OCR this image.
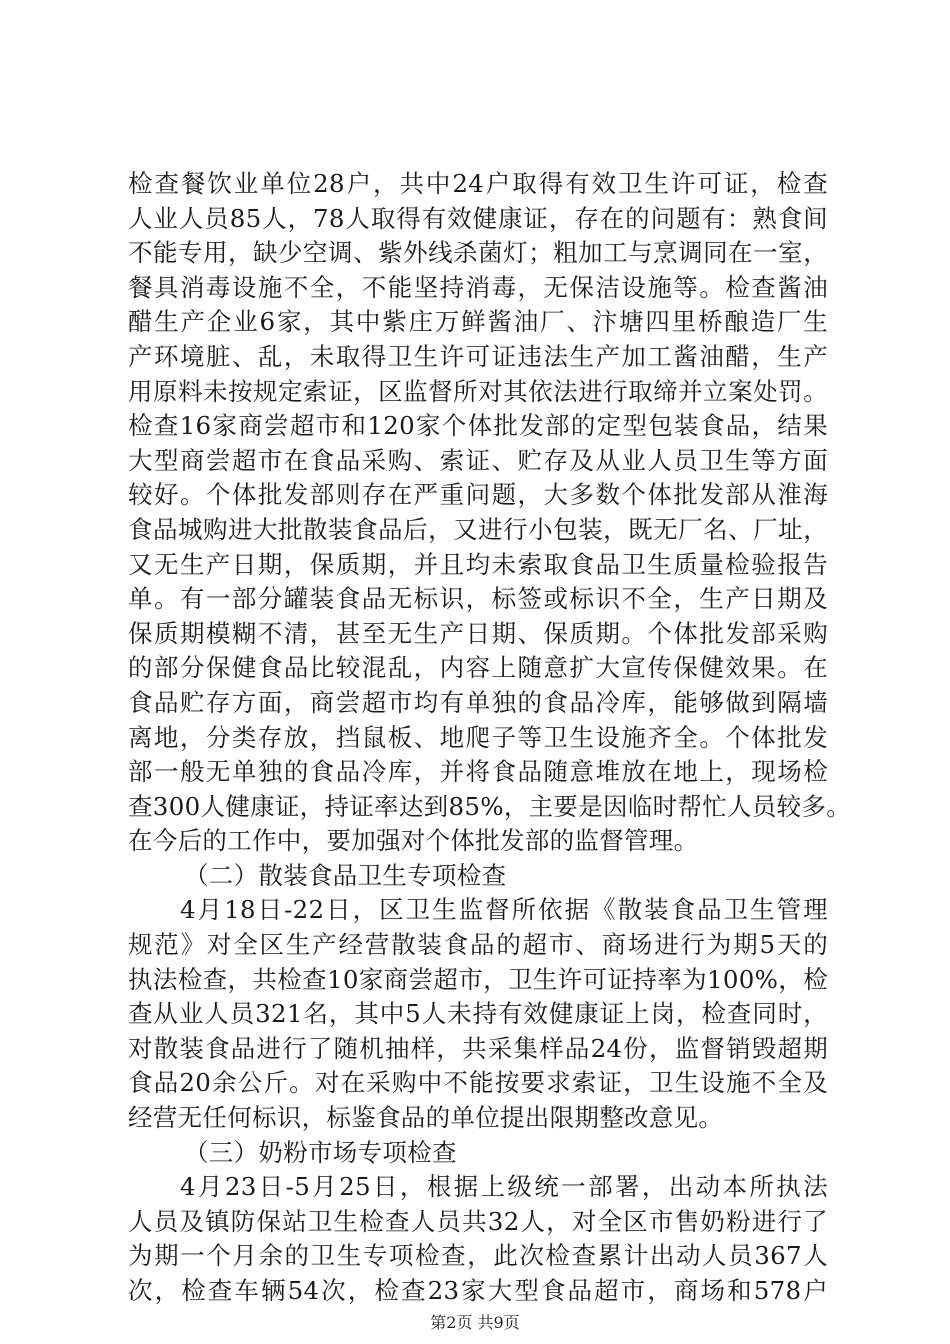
检查餐饮业单位28户，共中24户取得有效卫生许可证，检查
人业人员85人，78人取得有效健康证，存在的问题有：熟食间
不能专用，缺少空调、紫外线杀菌灯；粗加工与烹调同在一室，
餐具消毒设施不全，不能坚持消毒，无保洁设施等。检查酱油
醋生产企业6家，其中紫庄万鲜酱油厂、汴塘四里桥酿造厂生
产环境脏、乱，未取得卫生许可证违法生产加工酱油醋，生产
用原料未按规定索证，区监督所对其依法进行取缔并立案处罚。
检查16家商尝超市和120家个体批发部的定型包装食品，结果
大型商尝超市在食品采购、索证、贮存及从业人员卫生等方面
较好。个体批发部则存在严重问题，大多数个体批发部从淮海
食品城购进大批散装食品后，又进行小包装，既无厂名、厂址，
又无生产日期，保质期，并且均未索取食品卫生质量检验报告
单。有一部分罐装食品无标识，标签或标识不全，生产日期及
保质期模糊不清，甚至无生产日期、保质期。个体批发部采购
的部分保健食品比较混乱，内容上随意扩大宣传保健效果。在
食品贮存方面，商尝超市均有单独的食品冷库，能够做到隔墙
离地，分类存放，挡鼠板、地爬子等卫生设施齐全。个体批发
部一般无单独的食品冷库，并将食品随意堆放在地上，现场检
查300人健康证，持证率达到85%，主要是因临时帮忙人员较多。
在今后的工作中，要加强对个体批发部的监督管理。
（二）散装食品卫生专项检查
4月18日-22日，区卫生监督所依据《散装食品卫生管理
规范》对全区生产经营散装食品的超市、商场进行为期5天的
执法检查，共检查10家商尝超市，卫生许可证持率为100%，检
查从业人员321名，其中5人未持有效健康证上岗，检查同时，
对散装食品进行了随机抽样，共采集样品24份，监督销毁超期
食品20余公斤。对在采购中不能按要求索证，卫生设施不全及
经营无任何标识，标鉴食品的单位提出限期整改意见。
（三）奶粉市场专项检查
4月23日-5月25日，根据上级统一部署，出动本所执法
人员及镇防保站卫生检查人员共32人，对全区市售奶粉进行了
为期一个月余的卫生专项检查，此次检查累计出动人员367人
次，检查车辆54次，检查23家大型食品超市，商场和578户
第2页 共9页
